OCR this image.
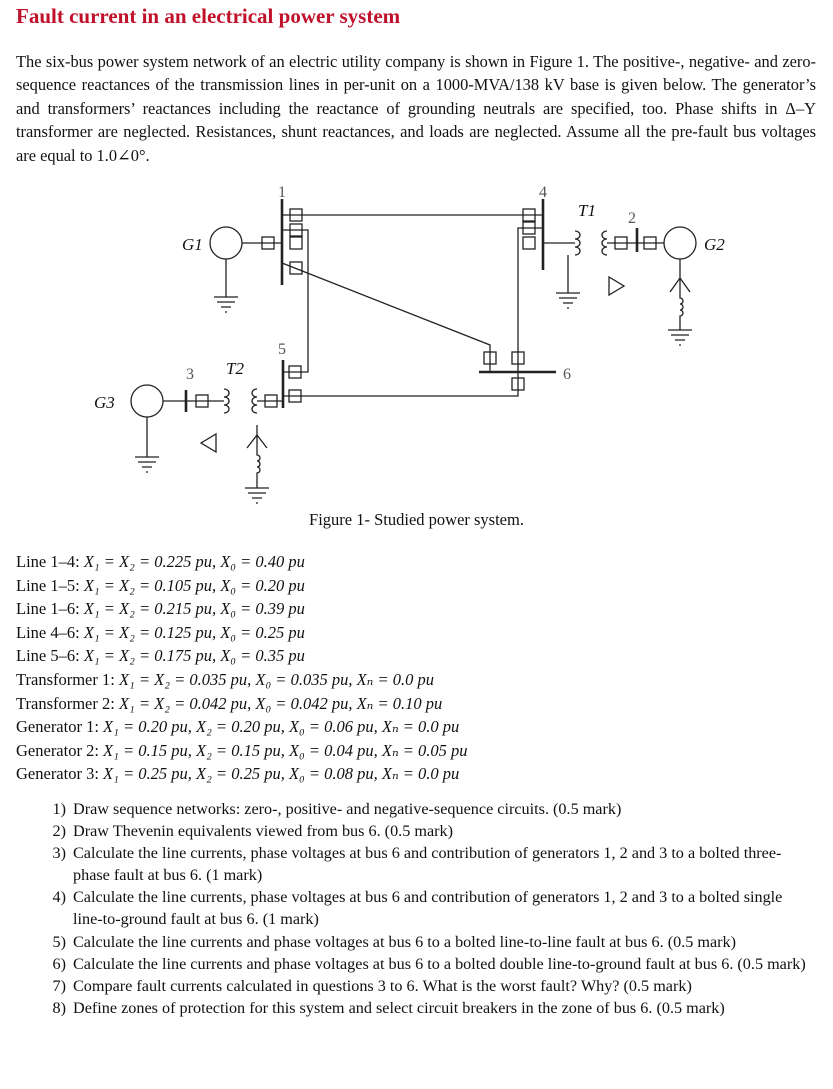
Fault current in an electrical power system
The six-bus power system network of an electric utility company is shown in Figure 1. The positive-, negative- and zero-sequence reactances of the transmission lines in per-unit on a 1000-MVA/138 kV base is given below. The generator’s and transformers’ reactances including the reactance of grounding neutrals are specified, too. Phase shifts in Δ–Y transformer are neglected. Resistances, shunt reactances, and loads are neglected. Assume all the pre-fault bus voltages are equal to 1.0∠0°.
1	4
2
5
3	6
G1	G2
G3
T1
T2
Figure 1- Studied power system.
Line 1–4: X₁ = X₂ = 0.225 pu, X₀ = 0.40 pu
Line 1–5: X₁ = X₂ = 0.105 pu, X₀ = 0.20 pu
Line 1–6: X₁ = X₂ = 0.215 pu, X₀ = 0.39 pu
Line 4–6: X₁ = X₂ = 0.125 pu, X₀ = 0.25 pu
Line 5–6: X₁ = X₂ = 0.175 pu, X₀ = 0.35 pu
Transformer 1: X₁ = X₂ = 0.035 pu, X₀ = 0.035 pu, Xₙ = 0.0 pu
Transformer 2: X₁ = X₂ = 0.042 pu, X₀ = 0.042 pu, Xₙ = 0.10 pu
Generator 1: X₁ = 0.20 pu, X₂ = 0.20 pu, X₀ = 0.06 pu, Xₙ = 0.0 pu
Generator 2: X₁ = 0.15 pu, X₂ = 0.15 pu, X₀ = 0.04 pu, Xₙ = 0.05 pu
Generator 3: X₁ = 0.25 pu, X₂ = 0.25 pu, X₀ = 0.08 pu, Xₙ = 0.0 pu
1) Draw sequence networks: zero-, positive- and negative-sequence circuits. (0.5 mark)
2) Draw Thevenin equivalents viewed from bus 6. (0.5 mark)
3) Calculate the line currents, phase voltages at bus 6 and contribution of generators 1, 2 and 3 to a bolted three-phase fault at bus 6. (1 mark)
4) Calculate the line currents, phase voltages at bus 6 and contribution of generators 1, 2 and 3 to a bolted single line-to-ground fault at bus 6. (1 mark)
5) Calculate the line currents and phase voltages at bus 6 to a bolted line-to-line fault at bus 6. (0.5 mark)
6) Calculate the line currents and phase voltages at bus 6 to a bolted double line-to-ground fault at bus 6. (0.5 mark)
7) Compare fault currents calculated in questions 3 to 6. What is the worst fault? Why? (0.5 mark)
8) Define zones of protection for this system and select circuit breakers in the zone of bus 6. (0.5 mark)
